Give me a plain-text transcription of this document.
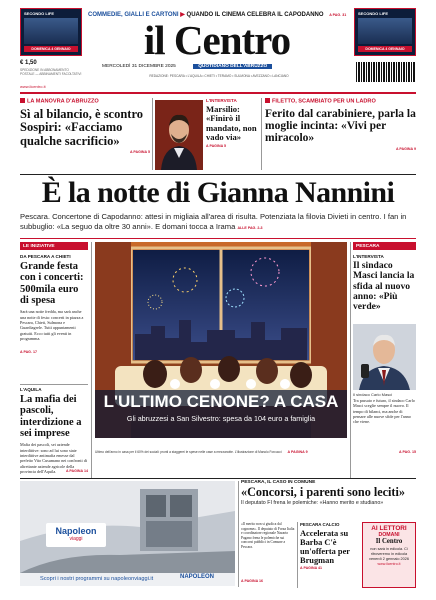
SECONDO LIFE
DOMENICA 4 GENNAIO
SECONDO LIFE
DOMENICA 4 GENNAIO
COMMEDIE, GIALLI E CARTONI ▶ QUANDO IL CINEMA CELEBRA IL CAPODANNO A PAG. 31
il Centro
MERCOLEDÌ 31 DICEMBRE 2025	QUOTIDIANO DELL'ABRUZZO
REDAZIONE: PESCARA • L'AQUILA • CHIETI • TERAMO • SULMONA • AVEZZANO • LANCIANO
€ 1,50
SPEDIZIONE IN ABBONAMENTO POSTALE — ABBINAMENTI FACOLTATIVI
www.ilcentro.it
LA MANOVRA D'ABRUZZO
Sì al bilancio, è scontro Sospiri: «Facciamo qualche sacrificio»
A PAGINA 5
L'INTERVISTA
Marsilio: «Finirò il mandato, non vado via»
A PAGINA 5
FILETTO, SCAMBIATO PER UN LADRO
Ferito dal carabiniere, parla la moglie incinta: «Vivi per miracolo»
A PAGINA 9
È la notte di Gianna Nannini
Pescara. Concertone di Capodanno: attesi in migliaia all'area di risulta. Potenziata la filovia Divieti in centro. I fan in subbuglio: «La seguo da oltre 30 anni». E domani tocca a Irama ALLE PAG. 2-3
LE INIZIATIVE
DA PESCARA A CHIETI
Grande festa con i concerti: 500mila euro di spesa
Sarà una notte fredda, ma sarà anche una notte di festa: concerti in piazza a Pescara, Chieti, Sulmona e Guardiagrele. Tutti appuntamenti gratuiti. Ecco tutti gli eventi in programma.
A PAG. 17
L'AQUILA
La mafia dei pascoli, interdizione a sei imprese
Mafia dei pascoli, sei aziende interdittive: sono ad lui sono state interdittive antimafia emesse dal prefetto Vito Cusumano nei confronti di altrettante aziende agricole della provincia dell'Aquila.	A PAGINA 14
L'ULTIMO CENONE? A CASA
Gli abruzzesi a San Silvestro: spesa da 104 euro a famiglia
Ultimo dell'anno in casa per il 60% dei sociali: pronti a staggerei le spese nelle case a mezzanotte. L'illustrazione di Manolo Forcucci A PAGINA 9
PESCARA
L'INTERVISTA
Il sindaco Masci lancia la sfida al nuovo anno: «Più verde»
Il sindaco Carlo Masci
Tra passato e futuro, il sindaco Carlo Masci sceglie sempre il nuovo. Il tempo di bilanci, ma anche di pensare alle nuove sfide per l'anno che viene.
A PAG. 15
Napoleon
viaggi
Scopri i nostri programmi su napoleonviaggi.it	NAPOLEON
PESCARA, IL CASO IN COMUNE
«Concorsi, i parenti sono leciti»
Il deputato FI frena le polemiche: «Hanno merito e studiano»
«Il merito non si giudica dal cognome». Il deputato di Forza Italia e coordinatore regionale Nazario Pagano frena le polemiche sui concorsi pubblici in Comune a Pescara.
A PAGINA 16
PESCARA CALCIO
Accelerata su Barba C'è un'offerta per Brugman
A PAGINA 41
AI LETTORI
DOMANI
Il Centro
non sarà in edicola. Ci ritroveremo in edicola venerdì 2 gennaio 2026
www.ilcentro.it
